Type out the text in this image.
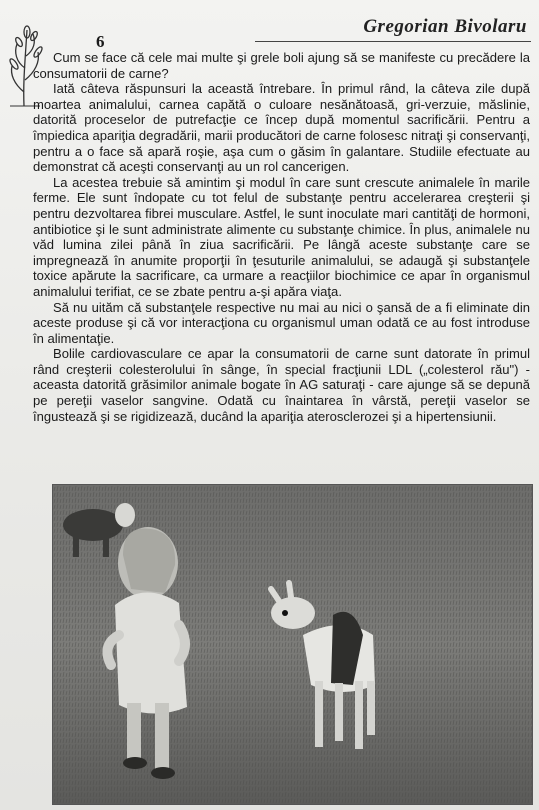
6
Gregorian Bivolaru

Cum se face că cele mai multe şi grele boli ajung să se manifeste cu precădere la consumatorii de carne?

Iată câteva răspunsuri la această întrebare. În primul rând, la câteva zile după moartea animalului, carnea capătă o culoare nesănătoasă, gri-verzuie, măslinie, datorită proceselor de putrefacţie ce încep după momentul sacrificării. Pentru a împiedica apariţia degradării, marii producători de carne folosesc nitraţi şi conservanţi, pentru a o face să apară roşie, aşa cum o găsim în galantare. Studiile efectuate au demonstrat că aceşti conservanţi au un rol cancerigen.

La acestea trebuie să amintim şi modul în care sunt crescute animalele în marile ferme. Ele sunt îndopate cu tot felul de substanţe pentru accelerarea creşterii şi pentru dezvoltarea fibrei musculare. Astfel, le sunt inoculate mari cantităţi de hormoni, antibiotice şi le sunt administrate alimente cu substanţe chimice. În plus, animalele nu văd lumina zilei până în ziua sacrificării. Pe lângă aceste substanţe care se impregnează în anumite proporţii în ţesuturile animalului, se adaugă şi substanţele toxice apărute la sacrificare, ca urmare a reacţiilor biochimice ce apar în organismul animalului terifiat, ce se zbate pentru a-şi apăra viaţa.

Să nu uităm că substanţele respective nu mai au nici o şansă de a fi eliminate din aceste produse şi că vor interacţiona cu organismul uman odată ce au fost introduse în alimentaţie.

Bolile cardiovasculare ce apar la consumatorii de carne sunt datorate în primul rând creşterii colesterolului în sânge, în special fracţiunii LDL („colesterol rău") - aceasta datorită grăsimilor animale bogate în AG saturaţi - care ajunge să se depună pe pereţii vaselor sangvine. Odată cu înaintarea în vârstă, pereţii vaselor se îngustează şi se rigidizează, ducând la apariţia aterosclerozei şi a hipertensiunii.
